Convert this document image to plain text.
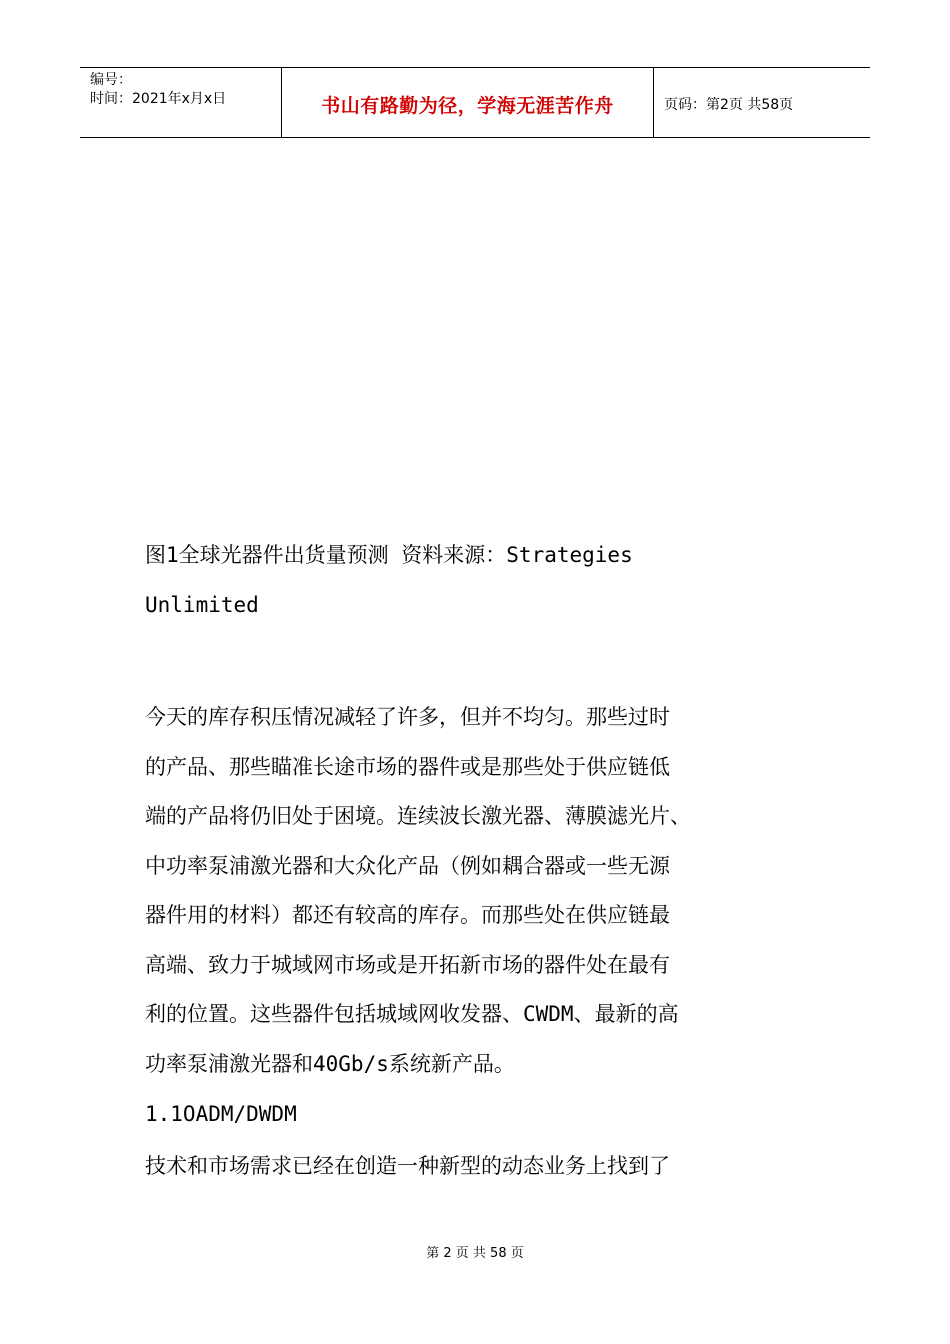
编号：
时间：2021年x月x日	书山有路勤为径，学海无涯苦作舟	页码：第2页 共58页
图1全球光器件出货量预测 资料来源：Strategies
Unlimited
今天的库存积压情况减轻了许多，但并不均匀。那些过时
的产品、那些瞄准长途市场的器件或是那些处于供应链低
端的产品将仍旧处于困境。连续波长激光器、薄膜滤光片、
中功率泵浦激光器和大众化产品（例如耦合器或一些无源
器件用的材料）都还有较高的库存。而那些处在供应链最
高端、致力于城域网市场或是开拓新市场的器件处在最有
利的位置。这些器件包括城域网收发器、CWDM、最新的高
功率泵浦激光器和40Gb/s系统新产品。
1.1OADM/DWDM
技术和市场需求已经在创造一种新型的动态业务上找到了
第 2 页 共 58 页
